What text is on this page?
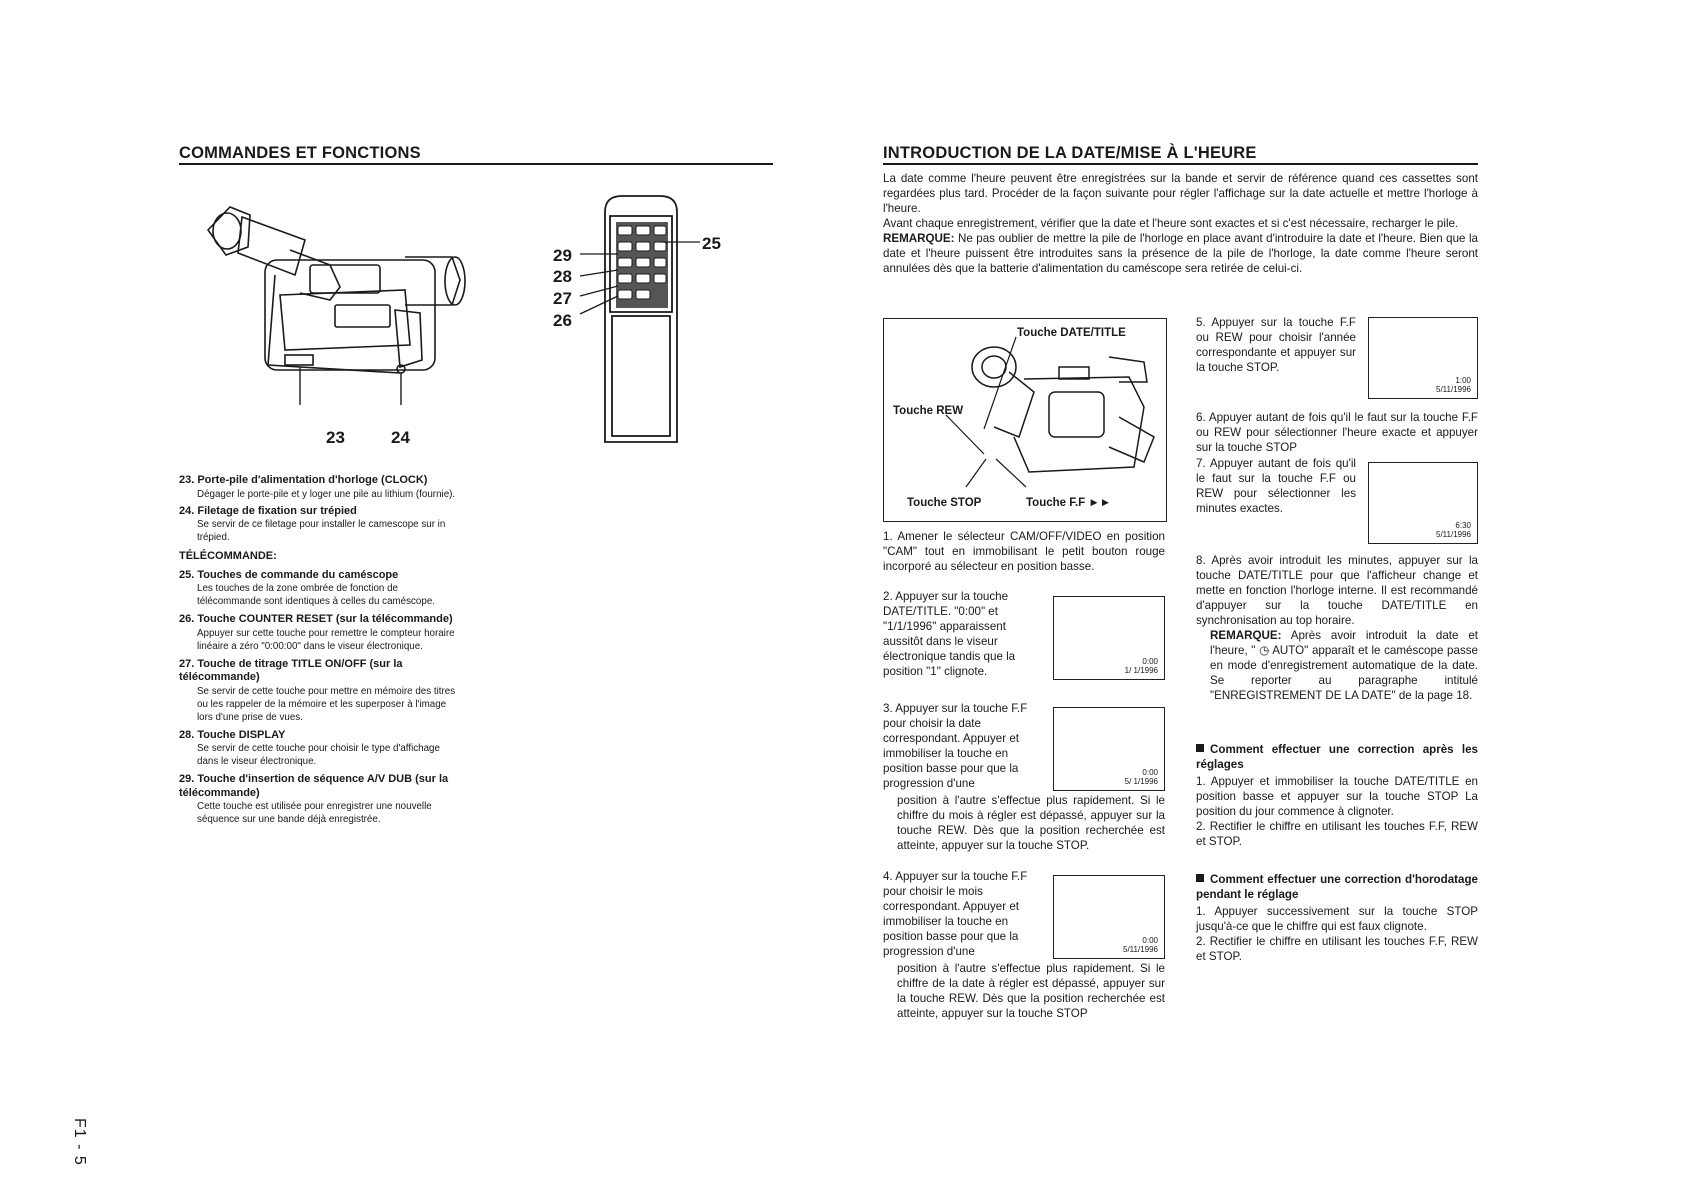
COMMANDES ET FONCTIONS
23	24
25
29
28
27
26
23. Porte-pile d'alimentation d'horloge (CLOCK)
Dégager le porte-pile et y loger une pile au lithium (fournie).
24. Filetage de fixation sur trépied
Se servir de ce filetage pour installer le camescope sur in trépied.
TÉLÉCOMMANDE:
25. Touches de commande du caméscope
Les touches de la zone ombrée de fonction de télécommande sont identiques à celles du caméscope.
26. Touche COUNTER RESET (sur la télécommande)
Appuyer sur cette touche pour remettre le compteur horaire linéaire a zéro "0:00:00" dans le viseur électronique.
27. Touche de titrage TITLE ON/OFF (sur la télécommande)
Se servir de cette touche pour mettre en mémoire des titres ou les rappeler de la mémoire et les superposer à l'image lors d'une prise de vues.
28. Touche DISPLAY
Se servir de cette touche pour choisir le type d'affichage dans le viseur électronique.
29. Touche d'insertion de séquence A/V DUB (sur la télécommande)
Cette touche est utilisée pour enregistrer une nouvelle séquence sur une bande déjà enregistrée.
F1 - 5
INTRODUCTION DE LA DATE/MISE À L'HEURE
La date comme l'heure peuvent être enregistrées sur la bande et servir de référence quand ces cassettes sont regardées plus tard. Procéder de la façon suivante pour régler l'affichage sur la date actuelle et mettre l'horloge à l'heure.
Avant chaque enregistrement, vérifier que la date et l'heure sont exactes et si c'est nécessaire, recharger le pile.
REMARQUE: Ne pas oublier de mettre la pile de l'horloge en place avant d'introduire la date et l'heure. Bien que la date et l'heure puissent être introduites sans la présence de la pile de l'horloge, la date comme l'heure seront annulées dès que la batterie d'alimentation du caméscope sera retirée de celui-ci.
Touche DATE/TITLE
Touche REW
Touche STOP	Touche F.F ►►
1. Amener le sélecteur CAM/OFF/VIDEO en position "CAM" tout en immobilisant le petit bouton rouge incorporé au sélecteur en position basse.
2. Appuyer sur la touche DATE/TITLE. "0:00" et "1/1/1996" apparaissent aussitôt dans le viseur électronique tandis que la position "1" clignote.
0:00
1/ 1/1996
3. Appuyer sur la touche F.F pour choisir la date correspondant. Appuyer et immobiliser la touche en position basse pour que la progression d'une
0:00
5/ 1/1996
position à l'autre s'effectue plus rapidement. Si le chiffre du mois à régler est dépassé, appuyer sur la touche REW. Dès que la position recherchée est atteinte, appuyer sur la touche STOP.
4. Appuyer sur la touche F.F pour choisir le mois correspondant. Appuyer et immobiliser la touche en position basse pour que la progression d'une
0:00
5/11/1996
position à l'autre s'effectue plus rapidement. Si le chiffre de la date à régler est dépassé, appuyer sur la touche REW. Dès que la position recherchée est atteinte, appuyer sur la touche STOP
5. Appuyer sur la touche F.F ou REW pour choisir l'année correspondante et appuyer sur la touche STOP.
1:00
5/11/1996
6. Appuyer autant de fois qu'il le faut sur la touche F.F ou REW pour sélectionner l'heure exacte et appuyer sur la touche STOP
7. Appuyer autant de fois qu'il le faut sur la touche F.F ou REW pour sélectionner les minutes exactes.
6:30
5/11/1996
8. Après avoir introduit les minutes, appuyer sur la touche DATE/TITLE pour que l'afficheur change et mette en fonction l'horloge interne. Il est recommandé d'appuyer sur la touche DATE/TITLE en synchronisation au top horaire.
REMARQUE: Après avoir introduit la date et l'heure, " ◷ AUTO" apparaît et le caméscope passe en mode d'enregistrement automatique de la date. Se reporter au paragraphe intitulé "ENREGISTREMENT DE LA DATE" de la page 18.
Comment effectuer une correction après les réglages
1. Appuyer et immobiliser la touche DATE/TITLE en position basse et appuyer sur la touche STOP La position du jour commence à clignoter.
2. Rectifier le chiffre en utilisant les touches F.F, REW et STOP.
Comment effectuer une correction d'horodatage pendant le réglage
1. Appuyer successivement sur la touche STOP jusqu'à-ce que le chiffre qui est faux clignote.
2. Rectifier le chiffre en utilisant les touches F.F, REW et STOP.
